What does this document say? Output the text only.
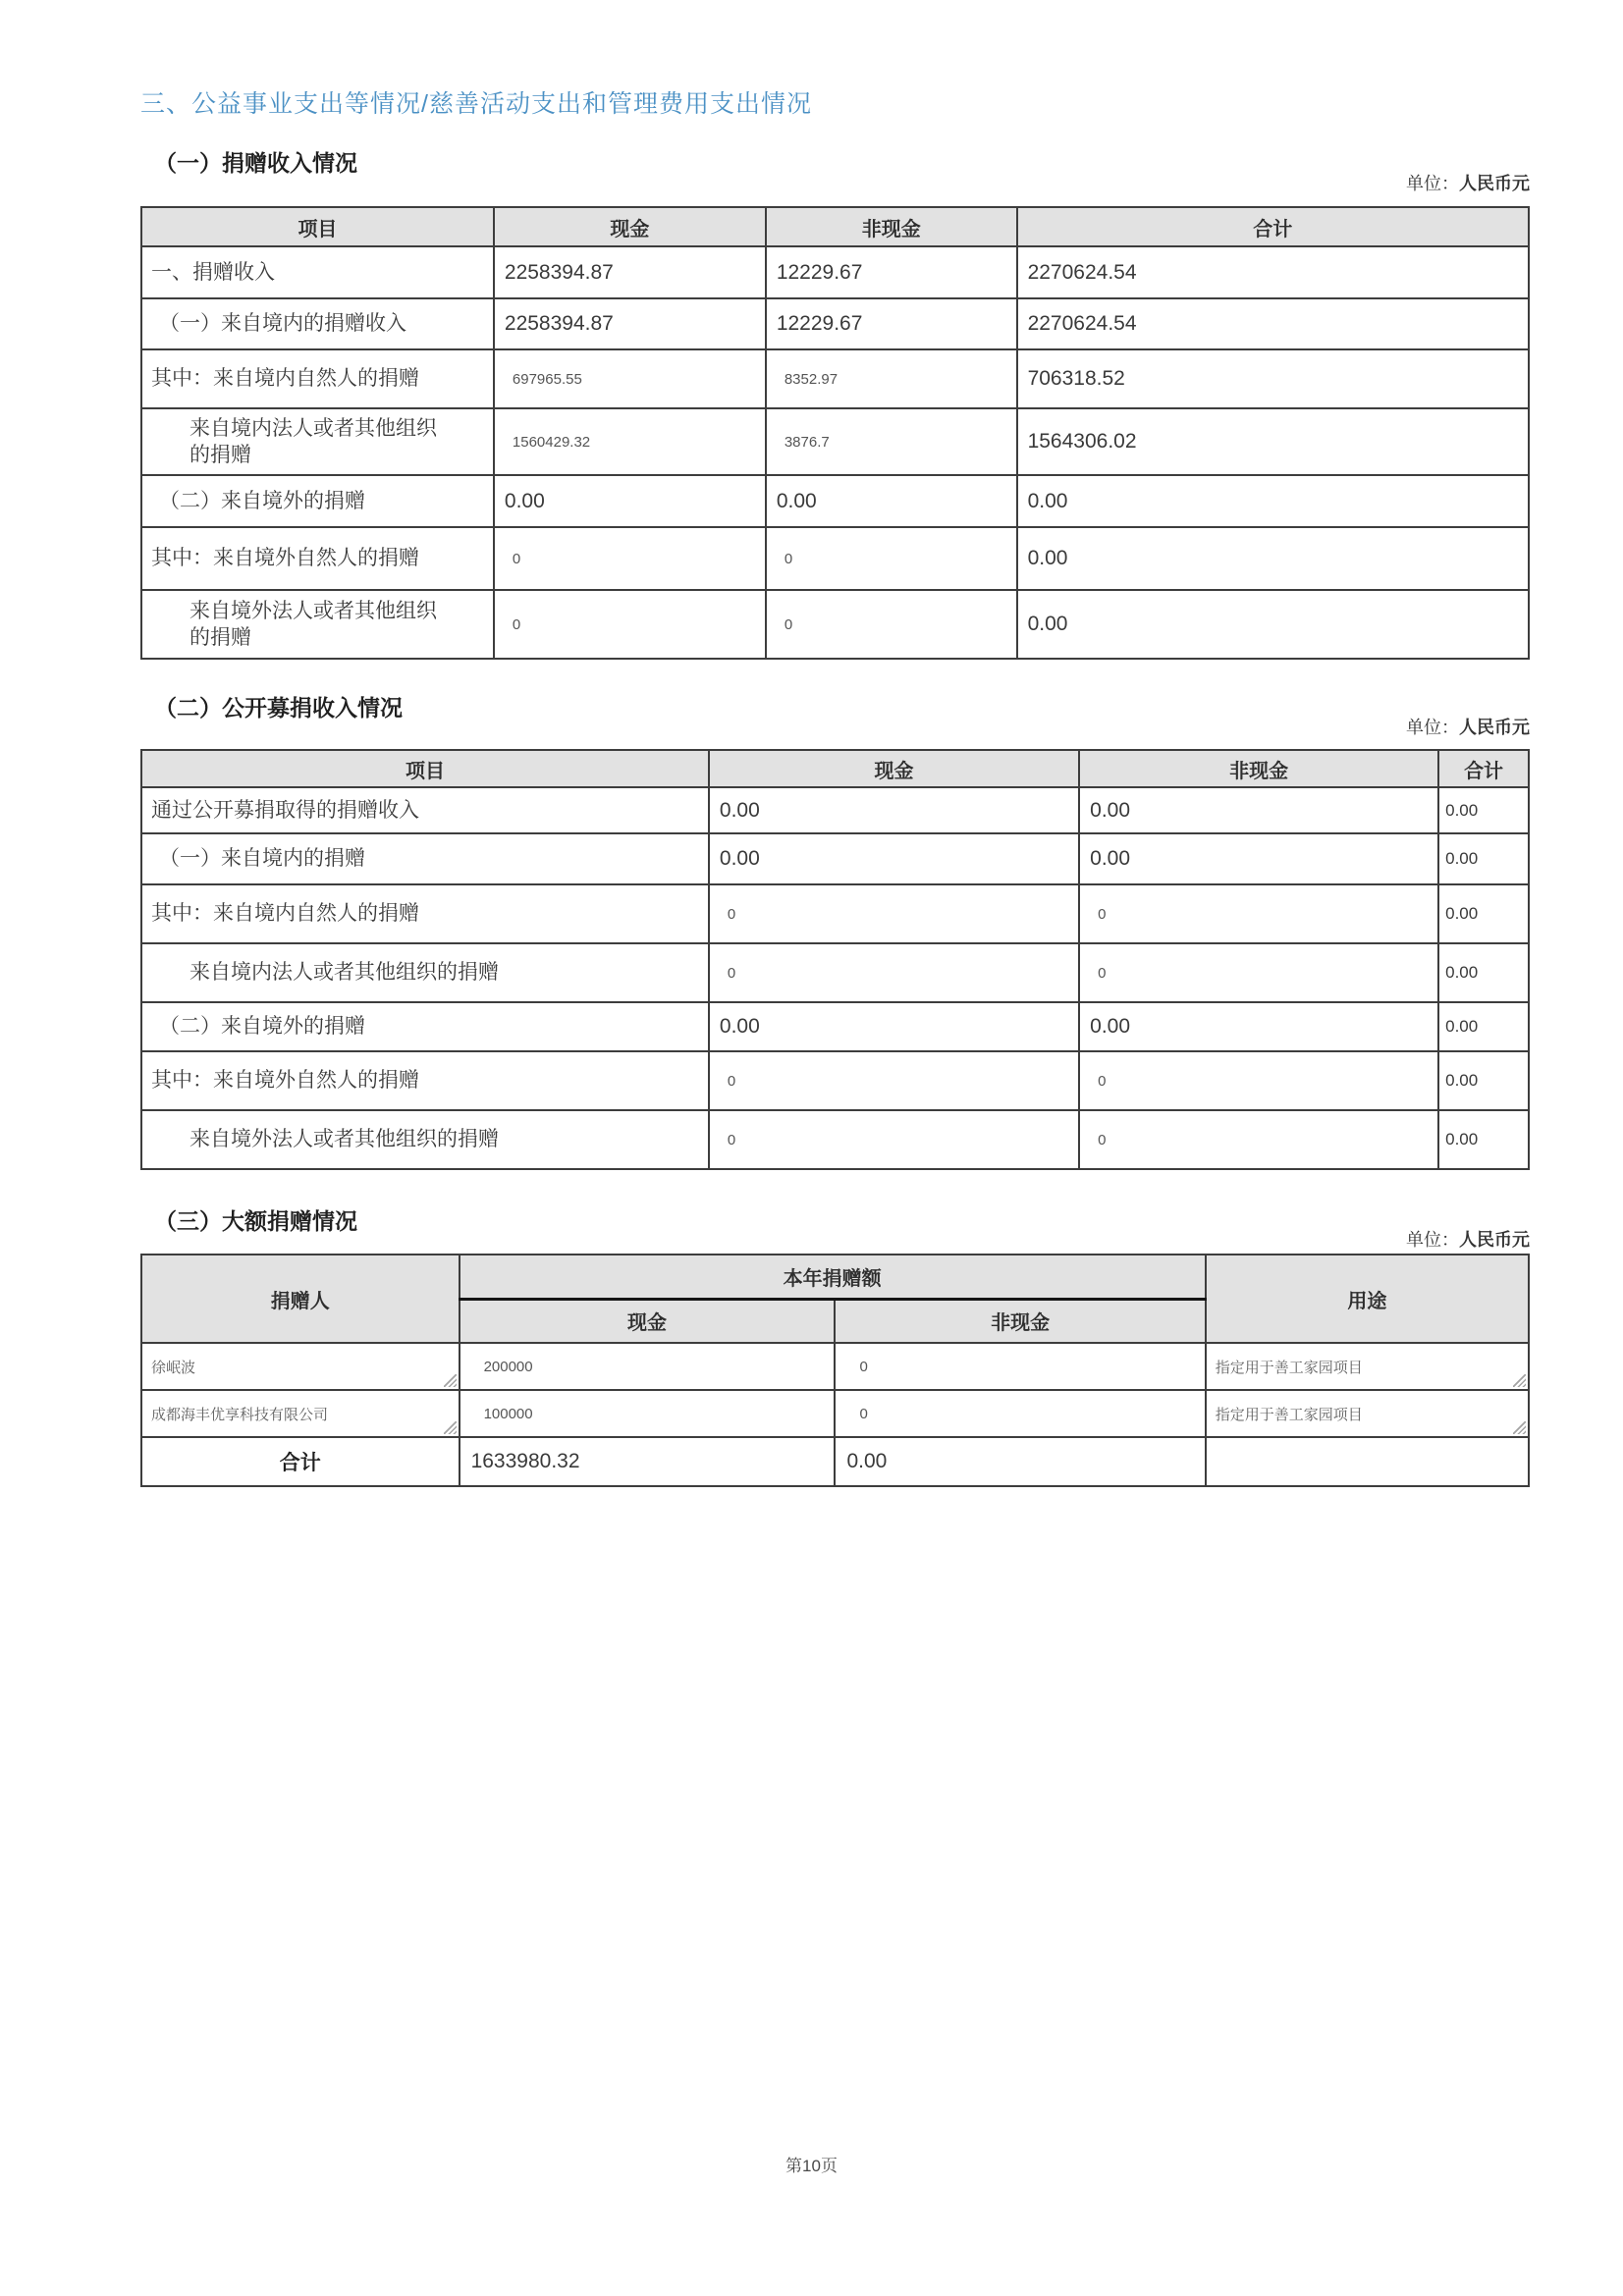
三、公益事业支出等情况/慈善活动支出和管理费用支出情况
（一）捐赠收入情况
单位：人民币元
项目	现金	非现金	合计
一、捐赠收入	2258394.87	12229.67	2270624.54
（一）来自境内的捐赠收入	2258394.87	12229.67	2270624.54
其中：来自境内自然人的捐赠	697965.55	8352.97	706318.52
来自境内法人或者其他组织的捐赠	1560429.32	3876.7	1564306.02
（二）来自境外的捐赠	0.00	0.00	0.00
其中：来自境外自然人的捐赠	0	0	0.00
来自境外法人或者其他组织的捐赠	0	0	0.00
（二）公开募捐收入情况
单位：人民币元
项目	现金	非现金	合计
通过公开募捐取得的捐赠收入	0.00	0.00	0.00
（一）来自境内的捐赠	0.00	0.00	0.00
其中：来自境内自然人的捐赠	0	0	0.00
来自境内法人或者其他组织的捐赠	0	0	0.00
（二）来自境外的捐赠	0.00	0.00	0.00
其中：来自境外自然人的捐赠	0	0	0.00
来自境外法人或者其他组织的捐赠	0	0	0.00
（三）大额捐赠情况
单位：人民币元
捐赠人	本年捐赠额		用途
	现金	非现金	
徐岷波	200000	0	指定用于善工家园项目

成都海丰优享科技有限公司	100000	0	指定用于善工家园项目

合计	1633980.32	0.00	
第10页
